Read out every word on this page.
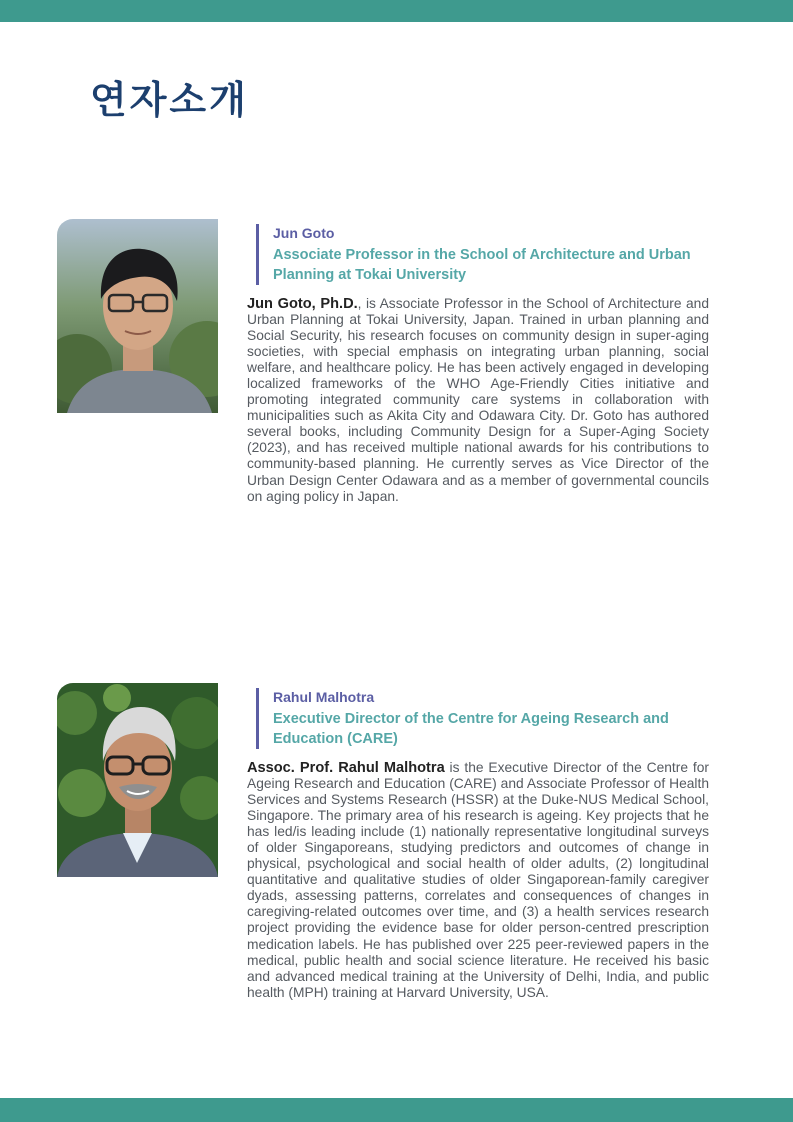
연자소개
Jun Goto
Associate Professor in the School of Architecture and Urban Planning at Tokai University

Jun Goto, Ph.D., is Associate Professor in the School of Architecture and Urban Planning at Tokai University, Japan. Trained in urban planning and Social Security, his research focuses on community design in super-aging societies, with special emphasis on integrating urban planning, social welfare, and healthcare policy. He has been actively engaged in developing localized frameworks of the WHO Age-Friendly Cities initiative and promoting integrated community care systems in collaboration with municipalities such as Akita City and Odawara City. Dr. Goto has authored several books, including Community Design for a Super-Aging Society (2023), and has received multiple national awards for his contributions to community-based planning. He currently serves as Vice Director of the Urban Design Center Odawara and as a member of governmental councils on aging policy in Japan.

Rahul Malhotra
Executive Director of the Centre for Ageing Research and Education (CARE)

Assoc. Prof. Rahul Malhotra is the Executive Director of the Centre for Ageing Research and Education (CARE) and Associate Professor of Health Services and Systems Research (HSSR) at the Duke-NUS Medical School, Singapore. The primary area of his research is ageing. Key projects that he has led/is leading include (1) nationally representative longitudinal surveys of older Singaporeans, studying predictors and outcomes of change in physical, psychological and social health of older adults, (2) longitudinal quantitative and qualitative studies of older Singaporean-family caregiver dyads, assessing patterns, correlates and consequences of changes in caregiving-related outcomes over time, and (3) a health services research project providing the evidence base for older person-centred prescription medication labels. He has published over 225 peer-reviewed papers in the medical, public health and social science literature. He received his basic and advanced medical training at the University of Delhi, India, and public health (MPH) training at Harvard University, USA.
